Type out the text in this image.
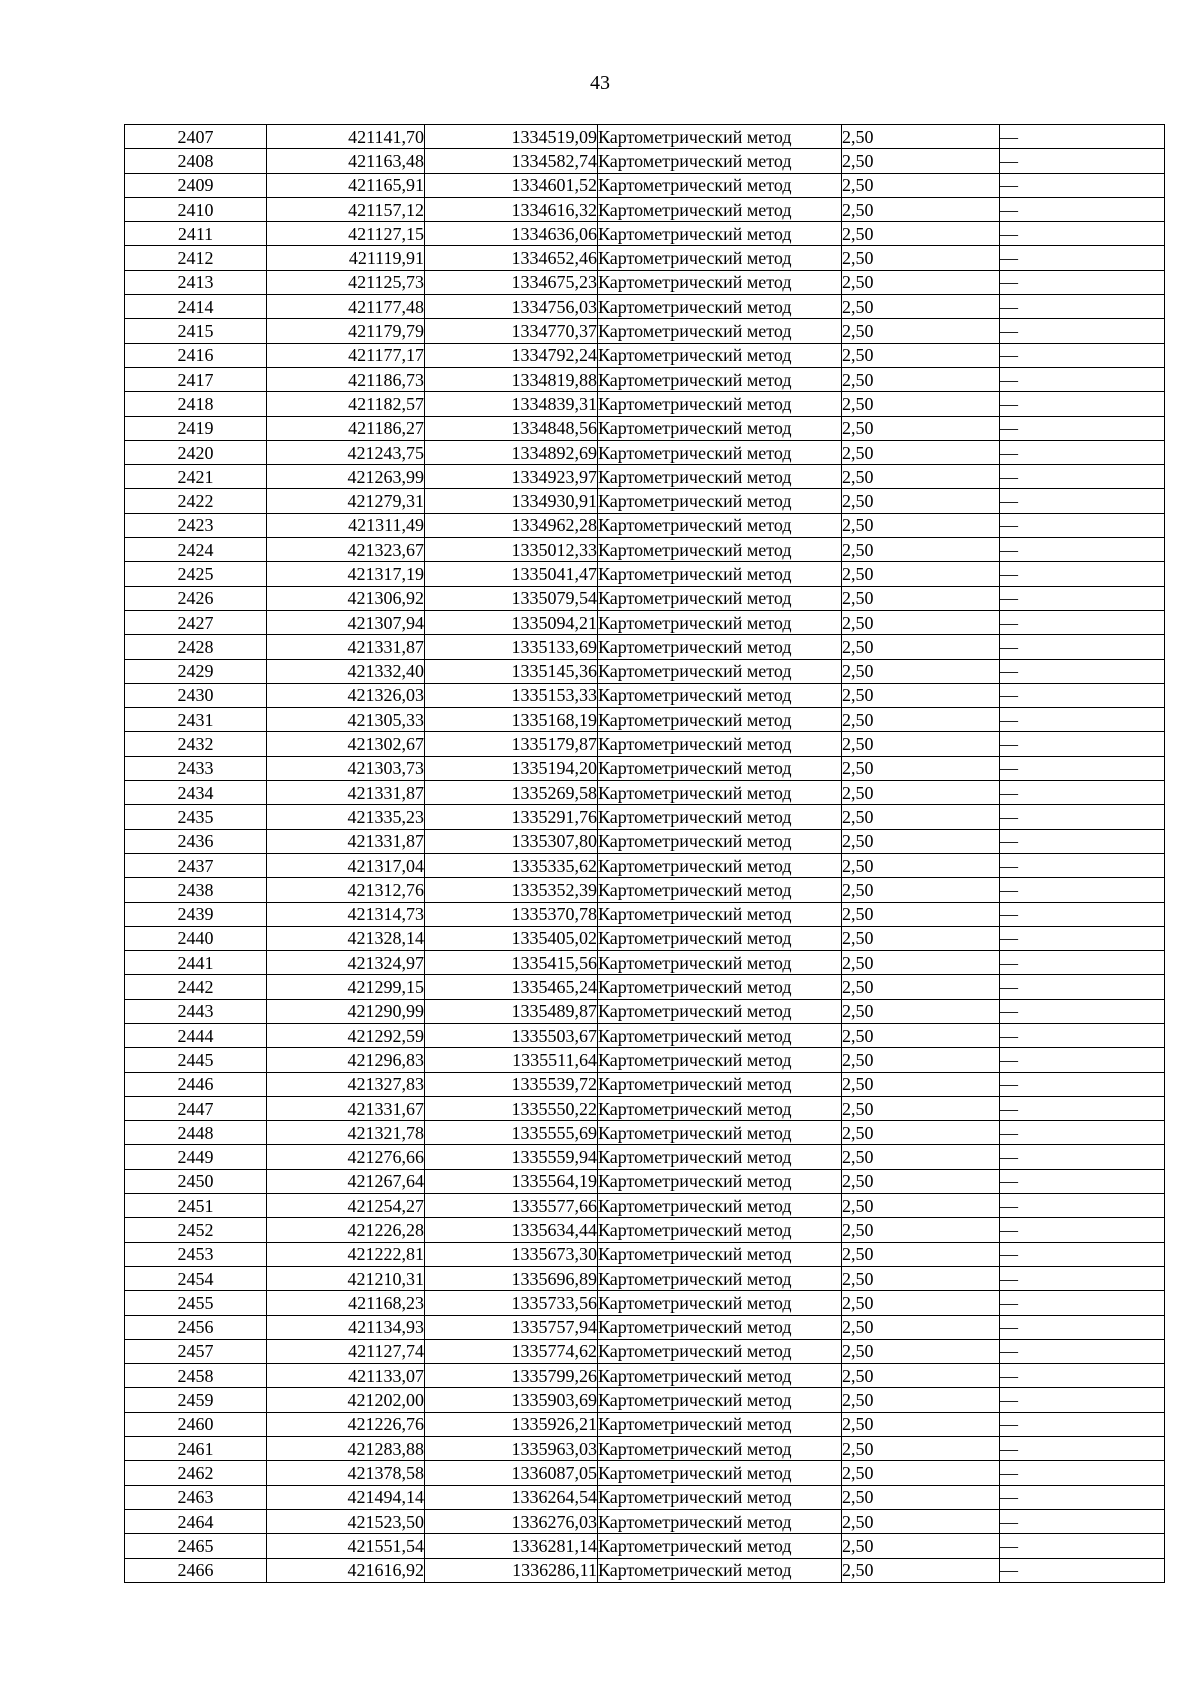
43
2407	421141,70	1334519,09	Картометрический метод	2,50	—
2408	421163,48	1334582,74	Картометрический метод	2,50	—
2409	421165,91	1334601,52	Картометрический метод	2,50	—
2410	421157,12	1334616,32	Картометрический метод	2,50	—
2411	421127,15	1334636,06	Картометрический метод	2,50	—
2412	421119,91	1334652,46	Картометрический метод	2,50	—
2413	421125,73	1334675,23	Картометрический метод	2,50	—
2414	421177,48	1334756,03	Картометрический метод	2,50	—
2415	421179,79	1334770,37	Картометрический метод	2,50	—
2416	421177,17	1334792,24	Картометрический метод	2,50	—
2417	421186,73	1334819,88	Картометрический метод	2,50	—
2418	421182,57	1334839,31	Картометрический метод	2,50	—
2419	421186,27	1334848,56	Картометрический метод	2,50	—
2420	421243,75	1334892,69	Картометрический метод	2,50	—
2421	421263,99	1334923,97	Картометрический метод	2,50	—
2422	421279,31	1334930,91	Картометрический метод	2,50	—
2423	421311,49	1334962,28	Картометрический метод	2,50	—
2424	421323,67	1335012,33	Картометрический метод	2,50	—
2425	421317,19	1335041,47	Картометрический метод	2,50	—
2426	421306,92	1335079,54	Картометрический метод	2,50	—
2427	421307,94	1335094,21	Картометрический метод	2,50	—
2428	421331,87	1335133,69	Картометрический метод	2,50	—
2429	421332,40	1335145,36	Картометрический метод	2,50	—
2430	421326,03	1335153,33	Картометрический метод	2,50	—
2431	421305,33	1335168,19	Картометрический метод	2,50	—
2432	421302,67	1335179,87	Картометрический метод	2,50	—
2433	421303,73	1335194,20	Картометрический метод	2,50	—
2434	421331,87	1335269,58	Картометрический метод	2,50	—
2435	421335,23	1335291,76	Картометрический метод	2,50	—
2436	421331,87	1335307,80	Картометрический метод	2,50	—
2437	421317,04	1335335,62	Картометрический метод	2,50	—
2438	421312,76	1335352,39	Картометрический метод	2,50	—
2439	421314,73	1335370,78	Картометрический метод	2,50	—
2440	421328,14	1335405,02	Картометрический метод	2,50	—
2441	421324,97	1335415,56	Картометрический метод	2,50	—
2442	421299,15	1335465,24	Картометрический метод	2,50	—
2443	421290,99	1335489,87	Картометрический метод	2,50	—
2444	421292,59	1335503,67	Картометрический метод	2,50	—
2445	421296,83	1335511,64	Картометрический метод	2,50	—
2446	421327,83	1335539,72	Картометрический метод	2,50	—
2447	421331,67	1335550,22	Картометрический метод	2,50	—
2448	421321,78	1335555,69	Картометрический метод	2,50	—
2449	421276,66	1335559,94	Картометрический метод	2,50	—
2450	421267,64	1335564,19	Картометрический метод	2,50	—
2451	421254,27	1335577,66	Картометрический метод	2,50	—
2452	421226,28	1335634,44	Картометрический метод	2,50	—
2453	421222,81	1335673,30	Картометрический метод	2,50	—
2454	421210,31	1335696,89	Картометрический метод	2,50	—
2455	421168,23	1335733,56	Картометрический метод	2,50	—
2456	421134,93	1335757,94	Картометрический метод	2,50	—
2457	421127,74	1335774,62	Картометрический метод	2,50	—
2458	421133,07	1335799,26	Картометрический метод	2,50	—
2459	421202,00	1335903,69	Картометрический метод	2,50	—
2460	421226,76	1335926,21	Картометрический метод	2,50	—
2461	421283,88	1335963,03	Картометрический метод	2,50	—
2462	421378,58	1336087,05	Картометрический метод	2,50	—
2463	421494,14	1336264,54	Картометрический метод	2,50	—
2464	421523,50	1336276,03	Картометрический метод	2,50	—
2465	421551,54	1336281,14	Картометрический метод	2,50	—
2466	421616,92	1336286,11	Картометрический метод	2,50	—
